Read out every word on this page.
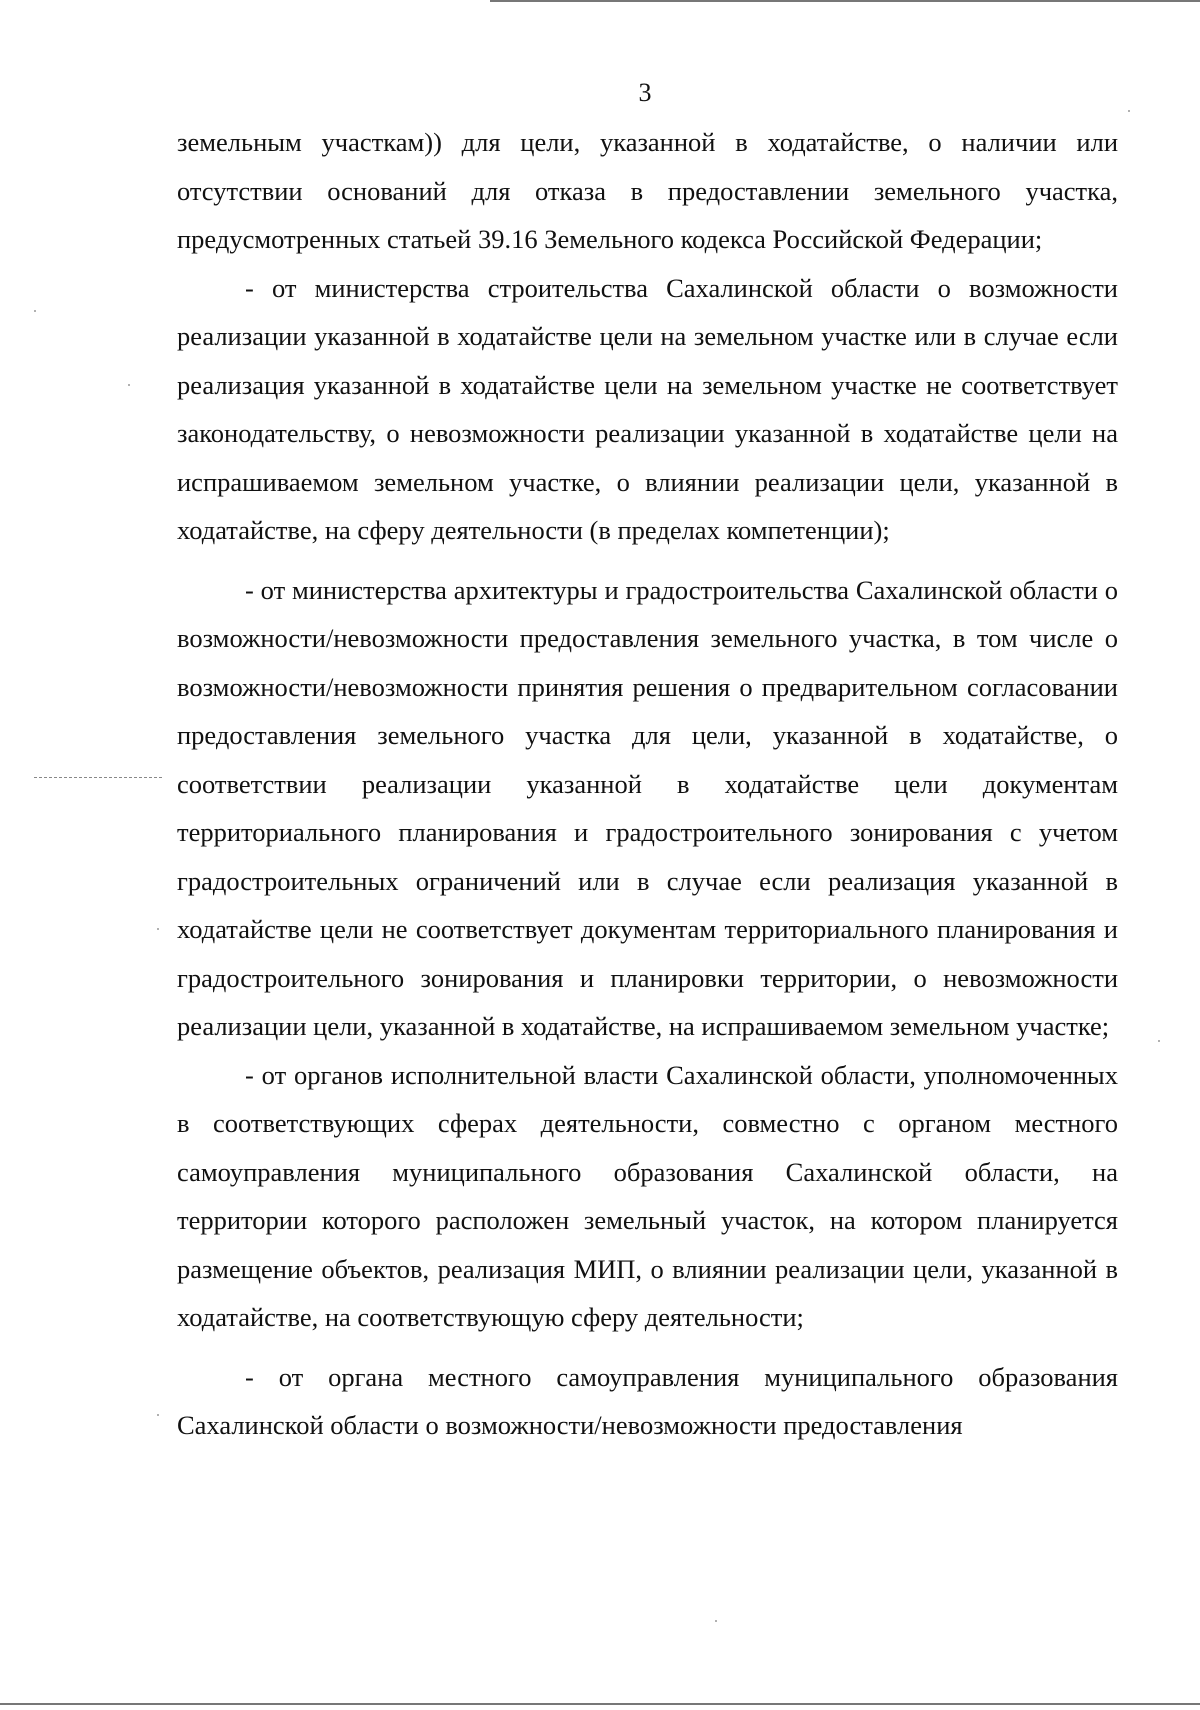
3

земельным участкам)) для цели, указанной в ходатайстве, о наличии или отсутствии оснований для отказа в предоставлении земельного участка, предусмотренных статьей 39.16 Земельного кодекса Российской Федерации;

- от министерства строительства Сахалинской области о возможности реализации указанной в ходатайстве цели на земельном участке или в случае если реализация указанной в ходатайстве цели на земельном участке не соответствует законодательству, о невозможности реализации указанной в ходатайстве цели на испрашиваемом земельном участке, о влиянии реализации цели, указанной в ходатайстве, на сферу деятельности (в пределах компетенции);

- от министерства архитектуры и градостроительства Сахалинской области о возможности/невозможности предоставления земельного участка, в том числе о возможности/невозможности принятия решения о предварительном согласовании предоставления земельного участка для цели, указанной в ходатайстве, о соответствии реализации указанной в ходатайстве цели документам территориального планирования и градостроительного зонирования с учетом градостроительных ограничений или в случае если реализация указанной в ходатайстве цели не соответствует документам территориального планирования и градостроительного зонирования и планировки территории, о невозможности реализации цели, указанной в ходатайстве, на испрашиваемом земельном участке;

- от органов исполнительной власти Сахалинской области, уполномоченных в соответствующих сферах деятельности, совместно с органом местного самоуправления муниципального образования Сахалинской области, на территории которого расположен земельный участок, на котором планируется размещение объектов, реализация МИП, о влиянии реализации цели, указанной в ходатайстве, на соответствующую сферу деятельности;

- от органа местного самоуправления муниципального образования Сахалинской области о возможности/невозможности предоставления
